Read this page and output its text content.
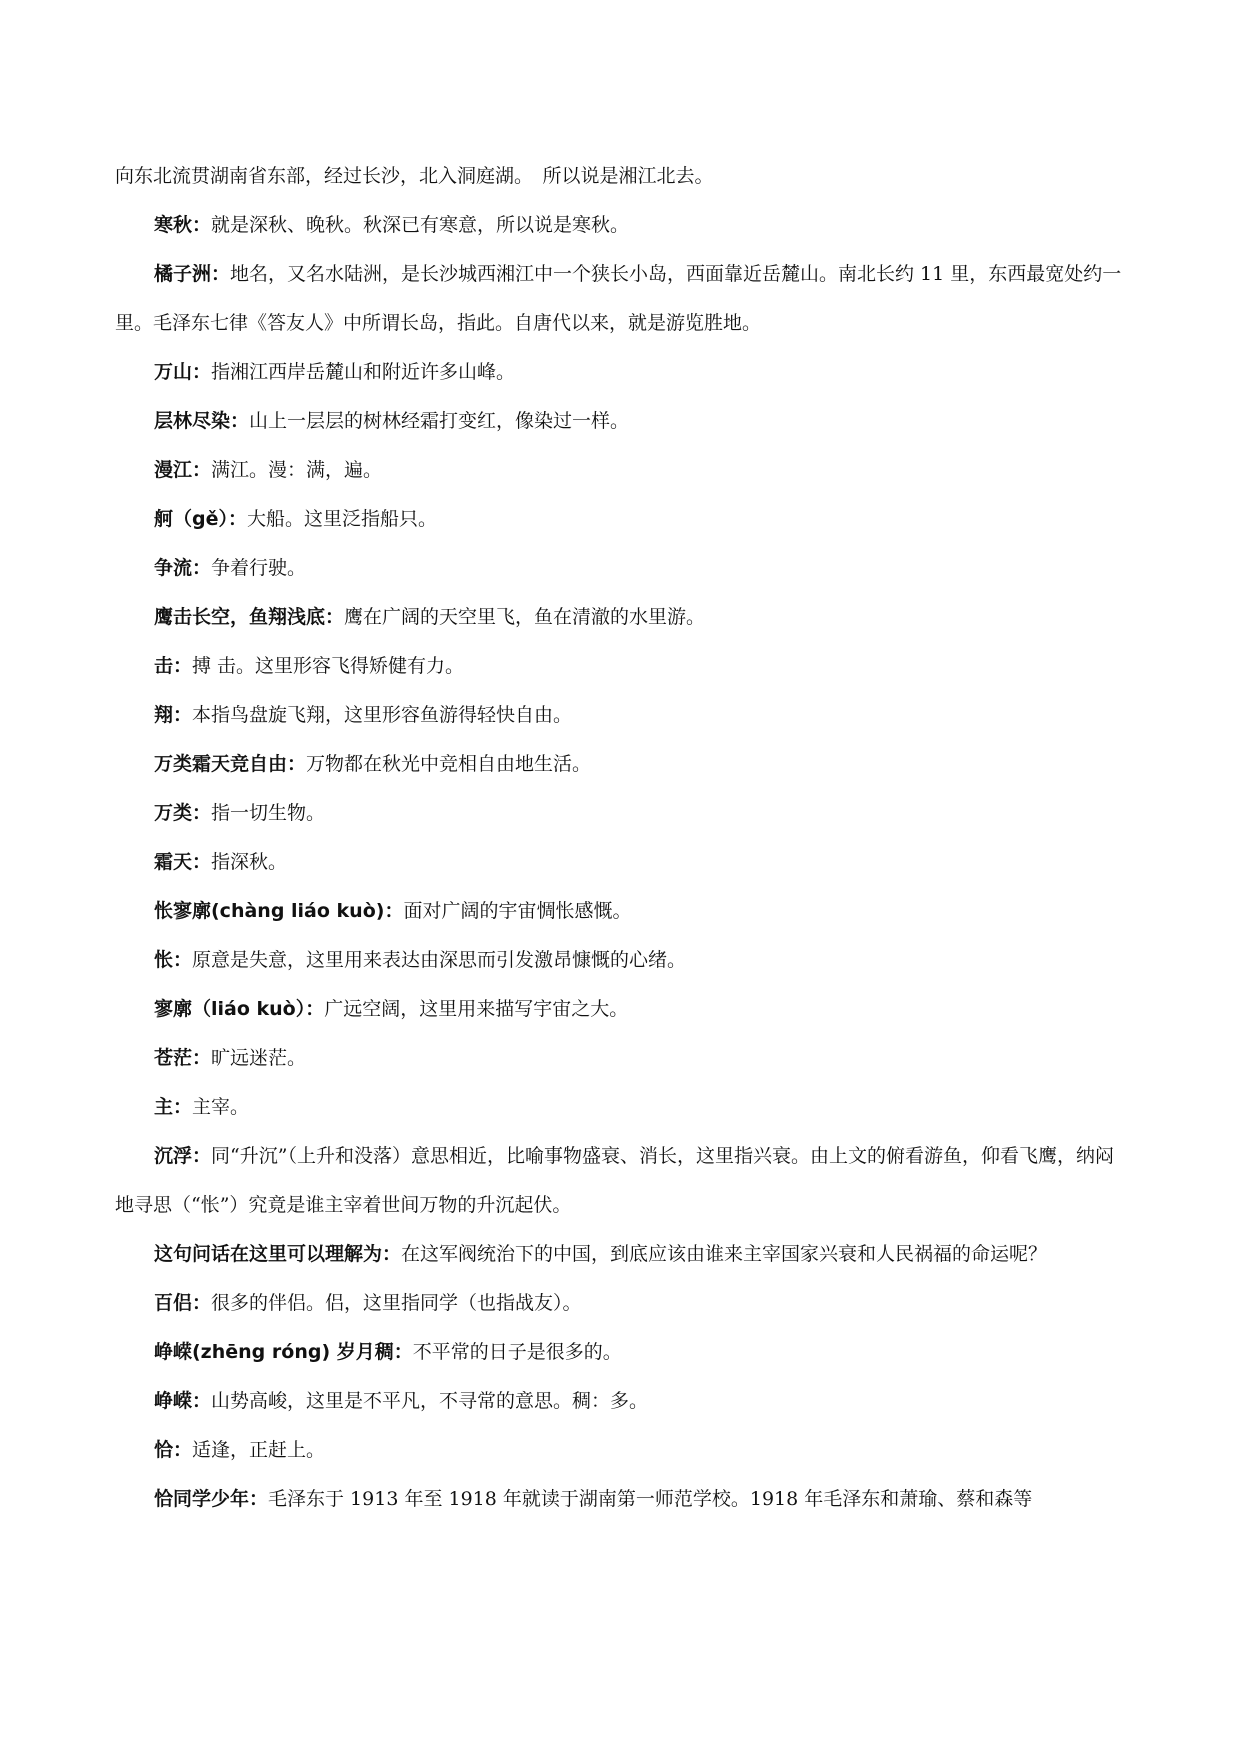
向东北流贯湖南省东部，经过长沙，北入洞庭湖。　所以说是湘江北去。

寒秋：就是深秋、晚秋。秋深已有寒意，所以说是寒秋。

橘子洲：地名，又名水陆洲，是长沙城西湘江中一个狭长小岛，西面靠近岳麓山。南北长约 11 里，东西最宽处约一里。毛泽东七律《答友人》中所谓长岛，指此。自唐代以来，就是游览胜地。

万山：指湘江西岸岳麓山和附近许多山峰。

层林尽染：山上一层层的树林经霜打变红，像染过一样。

漫江：满江。漫：满，遍。

舸（gě）：大船。这里泛指船只。

争流：争着行驶。

鹰击长空，鱼翔浅底：鹰在广阔的天空里飞，鱼在清澈的水里游。

击：搏 击。这里形容飞得矫健有力。

翔：本指鸟盘旋飞翔，这里形容鱼游得轻快自由。

万类霜天竞自由：万物都在秋光中竞相自由地生活。

万类：指一切生物。

霜天：指深秋。

怅寥廓(chàng liáo kuò)：面对广阔的宇宙惆怅感慨。

怅：原意是失意，这里用来表达由深思而引发激昂慷慨的心绪。

寥廓（liáo kuò）：广远空阔，这里用来描写宇宙之大。

苍茫：旷远迷茫。

主：主宰。

沉浮：同“升沉”（上升和没落）意思相近，比喻事物盛衰、消长，这里指兴衰。由上文的俯看游鱼，仰看飞鹰，纳闷地寻思（“怅”）究竟是谁主宰着世间万物的升沉起伏。

这句问话在这里可以理解为：在这军阀统治下的中国，到底应该由谁来主宰国家兴衰和人民祸福的命运呢？

百侣：很多的伴侣。侣，这里指同学（也指战友）。

峥嵘(zhēng róng) 岁月稠：不平常的日子是很多的。

峥嵘：山势高峻，这里是不平凡，不寻常的意思。稠：多。

恰：适逢，正赶上。

恰同学少年：毛泽东于 1913 年至 1918 年就读于湖南第一师范学校。1918 年毛泽东和萧瑜、蔡和森等
